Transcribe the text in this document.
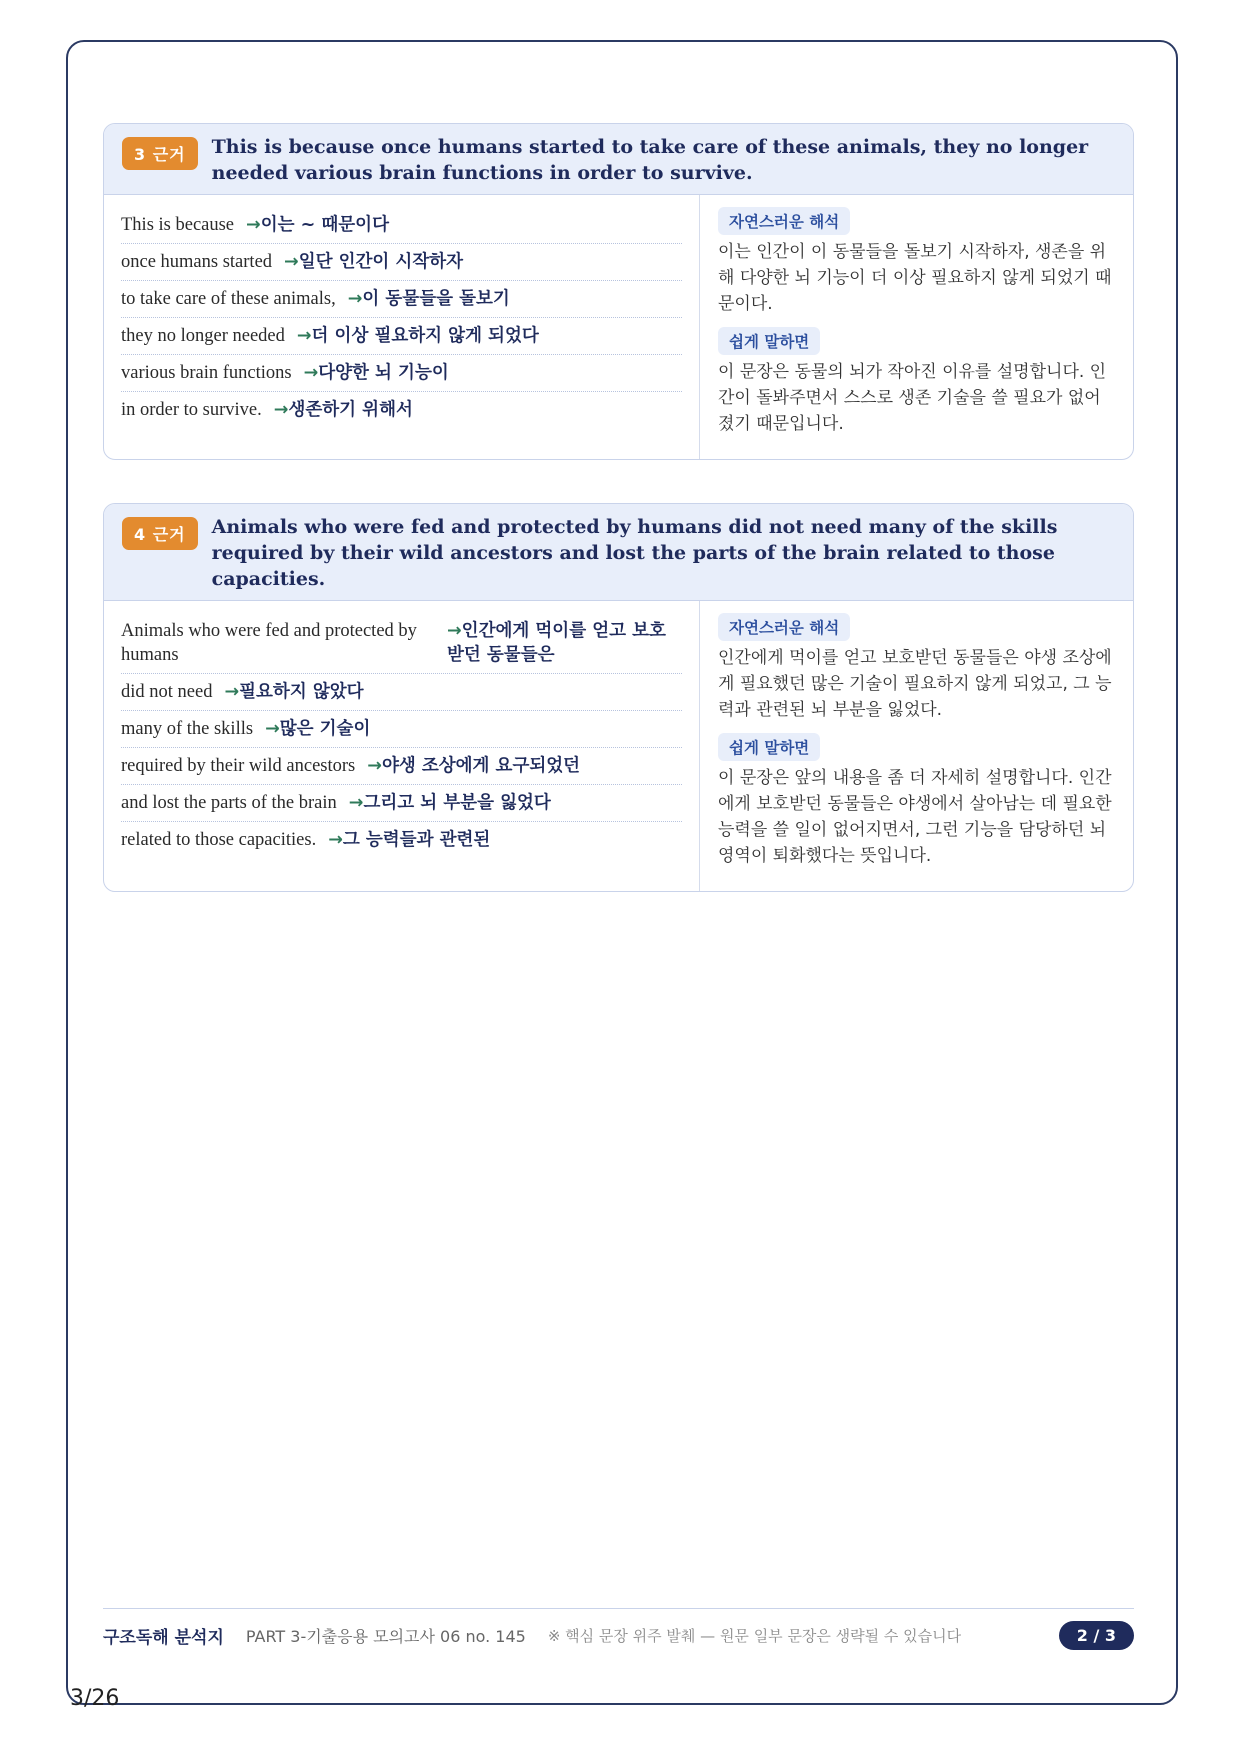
3 근거	This is because once humans started to take care of these animals, they no longer needed various brain functions in order to survive.
This is because →이는 ~ 때문이다
once humans started →일단 인간이 시작하자
to take care of these animals, →이 동물들을 돌보기
they no longer needed →더 이상 필요하지 않게 되었다
various brain functions →다양한 뇌 기능이
in order to survive. →생존하기 위해서
자연스러운 해석

이는 인간이 이 동물들을 돌보기 시작하자, 생존을 위해 다양한 뇌 기능이 더 이상 필요하지 않게 되었기 때문이다.

쉽게 말하면

이 문장은 동물의 뇌가 작아진 이유를 설명합니다. 인간이 돌봐주면서 스스로 생존 기술을 쓸 필요가 없어졌기 때문입니다.

4 근거	Animals who were fed and protected by humans did not need many of the skills required by their wild ancestors and lost the parts of the brain related to those capacities.
Animals who were fed and protected by humans
→인간에게 먹이를 얻고 보호받던 동물들은
did not need →필요하지 않았다
many of the skills →많은 기술이
required by their wild ancestors →야생 조상에게 요구되었던
and lost the parts of the brain →그리고 뇌 부분을 잃었다
related to those capacities. →그 능력들과 관련된
자연스러운 해석

인간에게 먹이를 얻고 보호받던 동물들은 야생 조상에게 필요했던 많은 기술이 필요하지 않게 되었고, 그 능력과 관련된 뇌 부분을 잃었다.

쉽게 말하면

이 문장은 앞의 내용을 좀 더 자세히 설명합니다. 인간에게 보호받던 동물들은 야생에서 살아남는 데 필요한 능력을 쓸 일이 없어지면서, 그런 기능을 담당하던 뇌 영역이 퇴화했다는 뜻입니다.

구조독해 분석지 PART 3-기출응용 모의고사 06 no. 145 ※ 핵심 문장 위주 발췌 — 원문 일부 문장은 생략될 수 있습니다	2 / 3
3/26
